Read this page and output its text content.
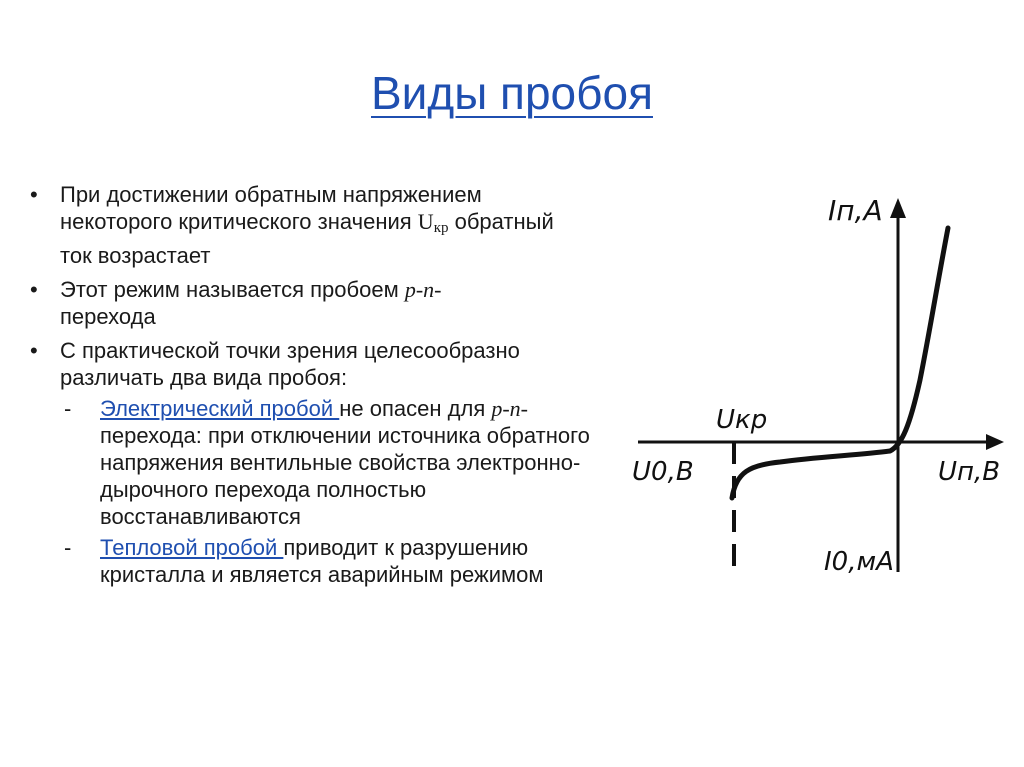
Виды пробоя
• При достижении обратным напряжением некоторого критического значения $U_{кр}$ обратный ток возрастает
• Этот режим называется пробоем p-n-
перехода
• С практической точки зрения целесообразно различать два вида пробоя:
- Электрический пробой не опасен для p-n-перехода: при отключении источника обратного напряжения вентильные свойства электронно-дырочного перехода полностью восстанавливаются
- Тепловой пробой приводит к разрушению кристалла и является аварийным режимом
Iп,A
Uкр
U0,B	Uп,B
I0,мA
